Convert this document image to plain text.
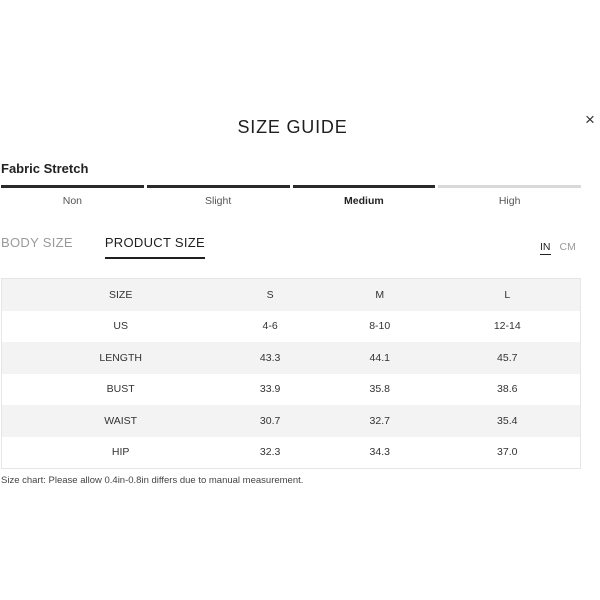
SIZE GUIDE	×
Fabric Stretch
Non	Slight	Medium	High
BODY SIZE PRODUCT SIZE	IN CM
SIZE	S	M	L
US	4-6	8-10	12-14
LENGTH	43.3	44.1	45.7
BUST	33.9	35.8	38.6
WAIST	30.7	32.7	35.4
HIP	32.3	34.3	37.0
Size chart: Please allow 0.4in-0.8in differs due to manual measurement.
